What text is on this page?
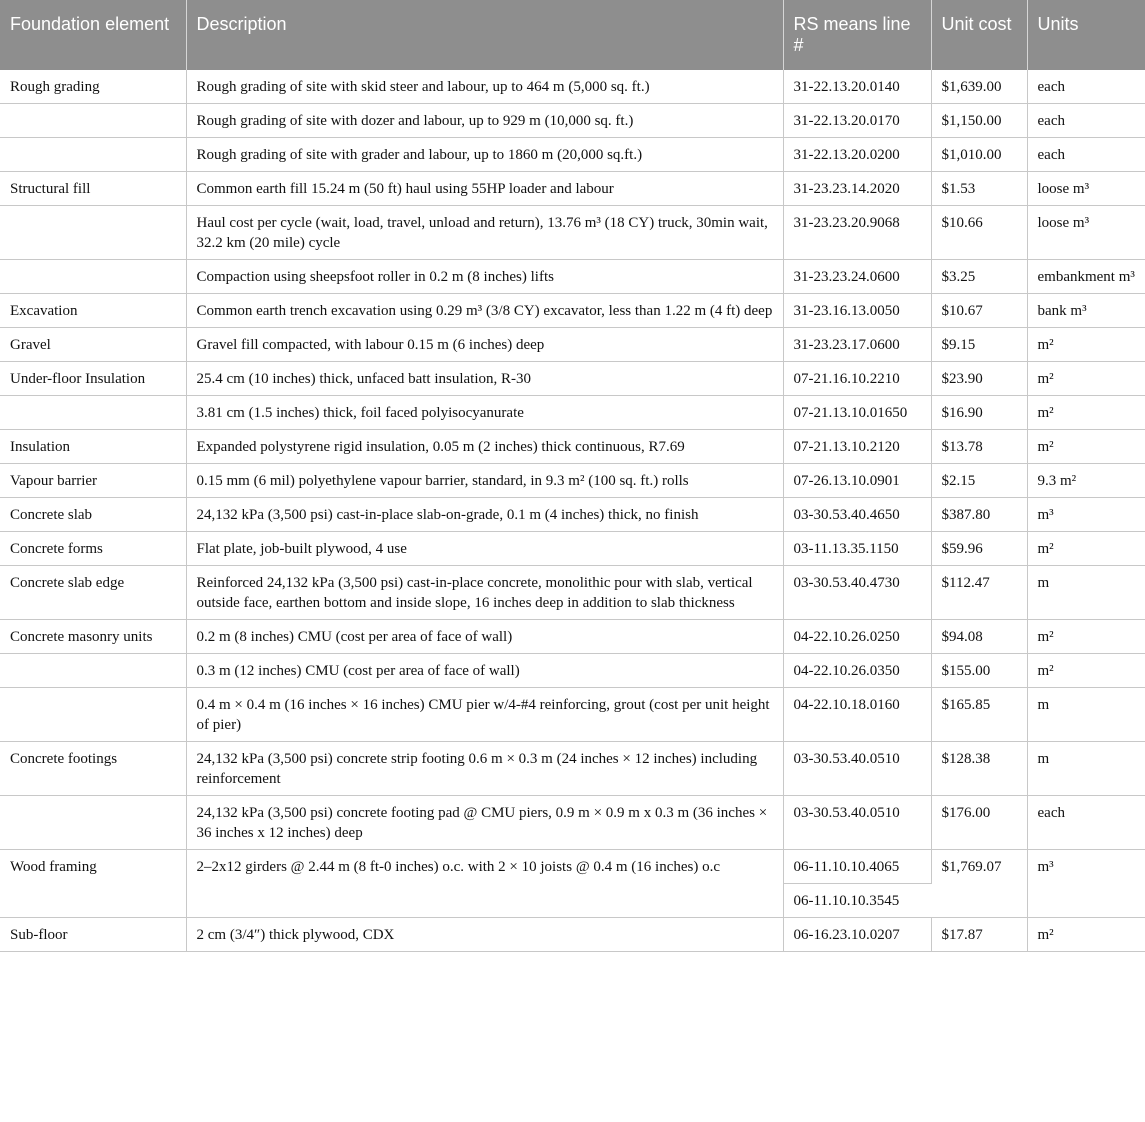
Foundation element	Description	RS means line #	Unit cost	Units
Rough grading	Rough grading of site with skid steer and labour, up to 464 m (5,000 sq. ft.)	31-22.13.20.0140	$1,639.00	each
	Rough grading of site with dozer and labour, up to 929 m (10,000 sq. ft.)	31-22.13.20.0170	$1,150.00	each
	Rough grading of site with grader and labour, up to 1860 m (20,000 sq.ft.)	31-22.13.20.0200	$1,010.00	each
Structural fill	Common earth fill 15.24 m (50 ft) haul using 55HP loader and labour	31-23.23.14.2020	$1.53	loose m³
	Haul cost per cycle (wait, load, travel, unload and return), 13.76 m³ (18 CY) truck, 30min wait, 32.2 km (20 mile) cycle	31-23.23.20.9068	$10.66	loose m³
	Compaction using sheepsfoot roller in 0.2 m (8 inches) lifts	31-23.23.24.0600	$3.25	embankment m³
Excavation	Common earth trench excavation using 0.29 m³ (3/8 CY) excavator, less than 1.22 m (4 ft) deep	31-23.16.13.0050	$10.67	bank m³
Gravel	Gravel fill compacted, with labour 0.15 m (6 inches) deep	31-23.23.17.0600	$9.15	m²
Under-floor Insulation	25.4 cm (10 inches) thick, unfaced batt insulation, R-30	07-21.16.10.2210	$23.90	m²
	3.81 cm (1.5 inches) thick, foil faced polyisocyanurate	07-21.13.10.01650	$16.90	m²
Insulation	Expanded polystyrene rigid insulation, 0.05 m (2 inches) thick continuous, R7.69	07-21.13.10.2120	$13.78	m²
Vapour barrier	0.15 mm (6 mil) polyethylene vapour barrier, standard, in 9.3 m² (100 sq. ft.) rolls	07-26.13.10.0901	$2.15	9.3 m²
Concrete slab	24,132 kPa (3,500 psi) cast-in-place slab-on-grade, 0.1 m (4 inches) thick, no finish	03-30.53.40.4650	$387.80	m³
Concrete forms	Flat plate, job-built plywood, 4 use	03-11.13.35.1150	$59.96	m²
Concrete slab edge	Reinforced 24,132 kPa (3,500 psi) cast-in-place concrete, monolithic pour with slab, vertical outside face, earthen bottom and inside slope, 16 inches deep in addition to slab thickness	03-30.53.40.4730	$112.47	m
Concrete masonry units	0.2 m (8 inches) CMU (cost per area of face of wall)	04-22.10.26.0250	$94.08	m²
	0.3 m (12 inches) CMU (cost per area of face of wall)	04-22.10.26.0350	$155.00	m²
	0.4 m × 0.4 m (16 inches × 16 inches) CMU pier w/4-#4 reinforcing, grout (cost per unit height of pier)	04-22.10.18.0160	$165.85	m
Concrete footings	24,132 kPa (3,500 psi) concrete strip footing 0.6 m × 0.3 m (24 inches × 12 inches) including reinforcement	03-30.53.40.0510	$128.38	m
	24,132 kPa (3,500 psi) concrete footing pad @ CMU piers, 0.9 m × 0.9 m x 0.3 m (36 inches × 36 inches x 12 inches) deep	03-30.53.40.0510	$176.00	each
Wood framing	2–2x12 girders @ 2.44 m (8 ft-0 inches) o.c. with 2 × 10 joists @ 0.4 m (16 inches) o.c	06-11.10.10.4065	$1,769.07	m³
		06-11.10.10.3545		
Sub-floor	2 cm (3/4″) thick plywood, CDX	06-16.23.10.0207	$17.87	m²
